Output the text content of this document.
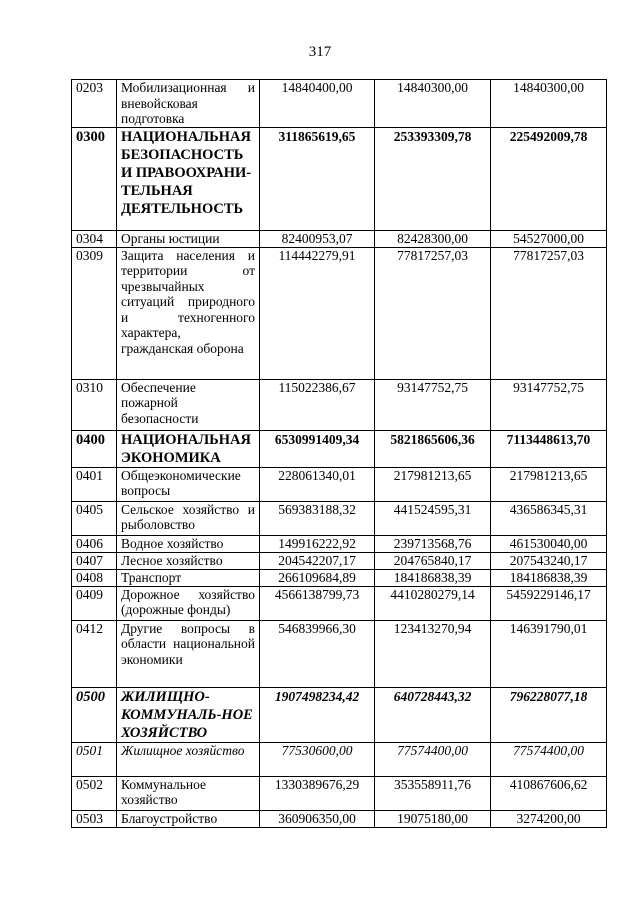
317
0203	Мобилизационная и вневойсковая подготовка	14840400,00	14840300,00	14840300,00
0300	НАЦИОНАЛЬНАЯ БЕЗОПАСНОСТЬ И ПРАВООХРАНИ-ТЕЛЬНАЯ ДЕЯТЕЛЬНОСТЬ	311865619,65	253393309,78	225492009,78
0304	Органы юстиции	82400953,07	82428300,00	54527000,00
0309	Защита населения и территории от чрезвычайных ситуаций природного и техногенного характера, гражданская оборона	114442279,91	77817257,03	77817257,03
0310	Обеспечение пожарной безопасности	115022386,67	93147752,75	93147752,75
0400	НАЦИОНАЛЬНАЯ ЭКОНОМИКА	6530991409,34	5821865606,36	7113448613,70
0401	Общеэкономические вопросы	228061340,01	217981213,65	217981213,65
0405	Сельское хозяйство и рыболовство	569383188,32	441524595,31	436586345,31
0406	Водное хозяйство	149916222,92	239713568,76	461530040,00
0407	Лесное хозяйство	204542207,17	204765840,17	207543240,17
0408	Транспорт	266109684,89	184186838,39	184186838,39
0409	Дорожное хозяйство (дорожные фонды)	4566138799,73	4410280279,14	5459229146,17
0412	Другие вопросы в области национальной экономики	546839966,30	123413270,94	146391790,01
0500	ЖИЛИЩНО-КОММУНАЛЬ-НОЕ ХОЗЯЙСТВО	1907498234,42	640728443,32	796228077,18
0501	Жилищное хозяйство	77530600,00	77574400,00	77574400,00
0502	Коммунальное хозяйство	1330389676,29	353558911,76	410867606,62
0503	Благоустройство	360906350,00	19075180,00	3274200,00
